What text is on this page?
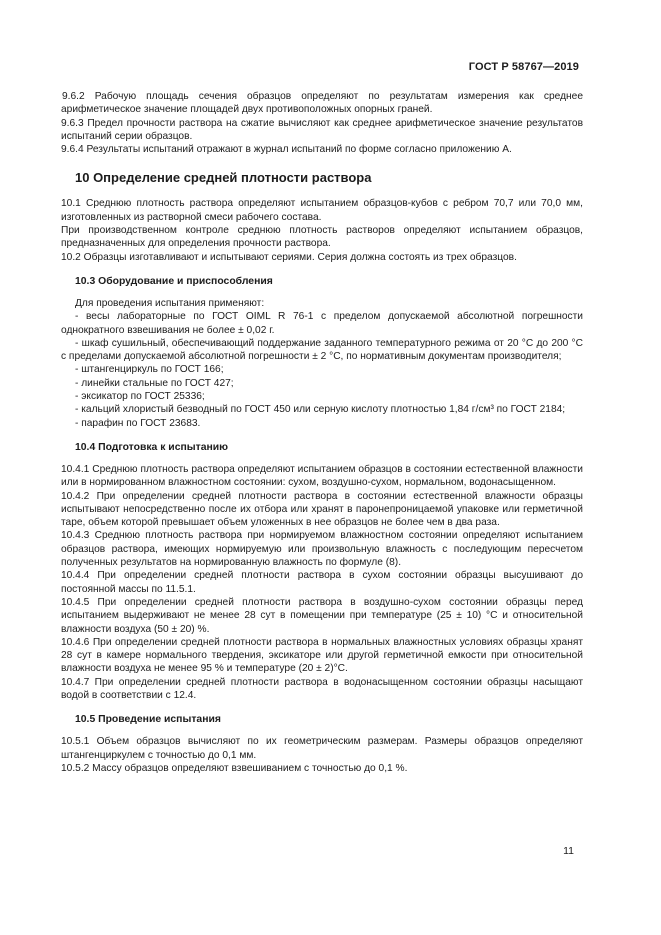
ГОСТ Р 58767—2019

9.6.2 Рабочую площадь сечения образцов определяют по результатам измерения как среднее арифметическое значение площадей двух противоположных опорных граней.

9.6.3 Предел прочности раствора на сжатие вычисляют как среднее арифметическое значение результатов испытаний серии образцов.

9.6.4 Результаты испытаний отражают в журнал испытаний по форме согласно приложению А.

10 Определение средней плотности раствора

10.1 Среднюю плотность раствора определяют испытанием образцов-кубов с ребром 70,7 или 70,0 мм, изготовленных из растворной смеси рабочего состава.

При производственном контроле среднюю плотность растворов определяют испытанием образцов, предназначенных для определения прочности раствора.

10.2 Образцы изготавливают и испытывают сериями. Серия должна состоять из трех образцов.

10.3 Оборудование и приспособления

Для проведения испытания применяют:

- весы лабораторные по ГОСТ OIML R 76-1 с пределом допускаемой абсолютной погрешности однократного взвешивания не более ± 0,02 г.

- шкаф сушильный, обеспечивающий поддержание заданного температурного режима от 20 °С до 200 °С с пределами допускаемой абсолютной погрешности ± 2 °С, по нормативным документам производителя;

- штангенциркуль по ГОСТ 166;

- линейки стальные по ГОСТ 427;

- эксикатор по ГОСТ 25336;

- кальций хлористый безводный по ГОСТ 450 или серную кислоту плотностью 1,84 г/см³ по ГОСТ 2184;

- парафин по ГОСТ 23683.

10.4 Подготовка к испытанию

10.4.1 Среднюю плотность раствора определяют испытанием образцов в состоянии естественной влажности или в нормированном влажностном состоянии: сухом, воздушно-сухом, нормальном, водонасыщенном.

10.4.2 При определении средней плотности раствора в состоянии естественной влажности образцы испытывают непосредственно после их отбора или хранят в паронепроницаемой упаковке или герметичной таре, объем которой превышает объем уложенных в нее образцов не более чем в два раза.

10.4.3 Среднюю плотность раствора при нормируемом влажностном состоянии определяют испытанием образцов раствора, имеющих нормируемую или произвольную влажность с последующим пересчетом полученных результатов на нормированную влажность по формуле (8).

10.4.4 При определении средней плотности раствора в сухом состоянии образцы высушивают до постоянной массы по 11.5.1.

10.4.5 При определении средней плотности раствора в воздушно-сухом состоянии образцы перед испытанием выдерживают не менее 28 сут в помещении при температуре (25 ± 10) °С и относительной влажности воздуха (50 ± 20) %.

10.4.6 При определении средней плотности раствора в нормальных влажностных условиях образцы хранят 28 сут в камере нормального твердения, эксикаторе или другой герметичной емкости при относительной влажности воздуха не менее 95 % и температуре (20 ± 2)°С.

10.4.7 При определении средней плотности раствора в водонасыщенном состоянии образцы насыщают водой в соответствии с 12.4.

10.5 Проведение испытания

10.5.1 Объем образцов вычисляют по их геометрическим размерам. Размеры образцов определяют штангенциркулем с точностью до 0,1 мм.

10.5.2 Массу образцов определяют взвешиванием с точностью до 0,1 %.

11
